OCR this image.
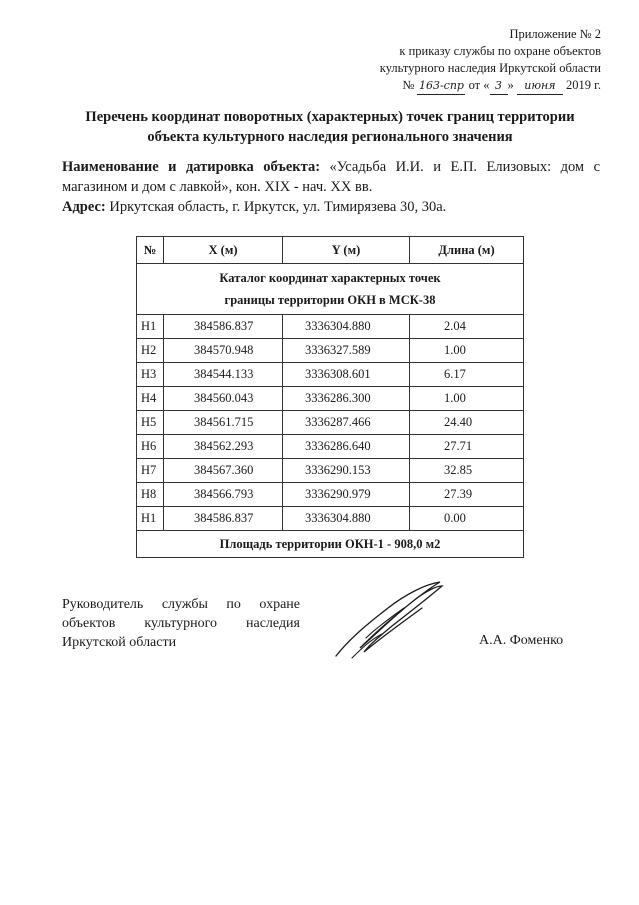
Приложение № 2
к приказу службы по охране объектов
культурного наследия Иркутской области
№ 163-спр от « 3 » июня 2019 г.
Перечень координат поворотных (характерных) точек границ территории
объекта культурного наследия регионального значения
Наименование и датировка объекта: «Усадьба И.И. и Е.П. Елизовых: дом с магазином и дом с лавкой», кон. XIX - нач. XX вв.
Адрес: Иркутская область, г. Иркутск, ул. Тимирязева 30, 30а.
Каталог координат характерных точек
границы территории ОКН в МСК-38			

№	X (м)	Y (м)	Длина (м)
Н1	384586.837	3336304.880	2.04
Н2	384570.948	3336327.589	1.00
Н3	384544.133	3336308.601	6.17
Н4	384560.043	3336286.300	1.00
Н5	384561.715	3336287.466	24.40
Н6	384562.293	3336286.640	27.71
Н7	384567.360	3336290.153	32.85
Н8	384566.793	3336290.979	27.39
Н1	384586.837	3336304.880	0.00
Площадь территории ОКН-1 - 908,0 м2			
Руководитель службы по охране объектов культурного наследия Иркутской области	А.А. Фоменко
